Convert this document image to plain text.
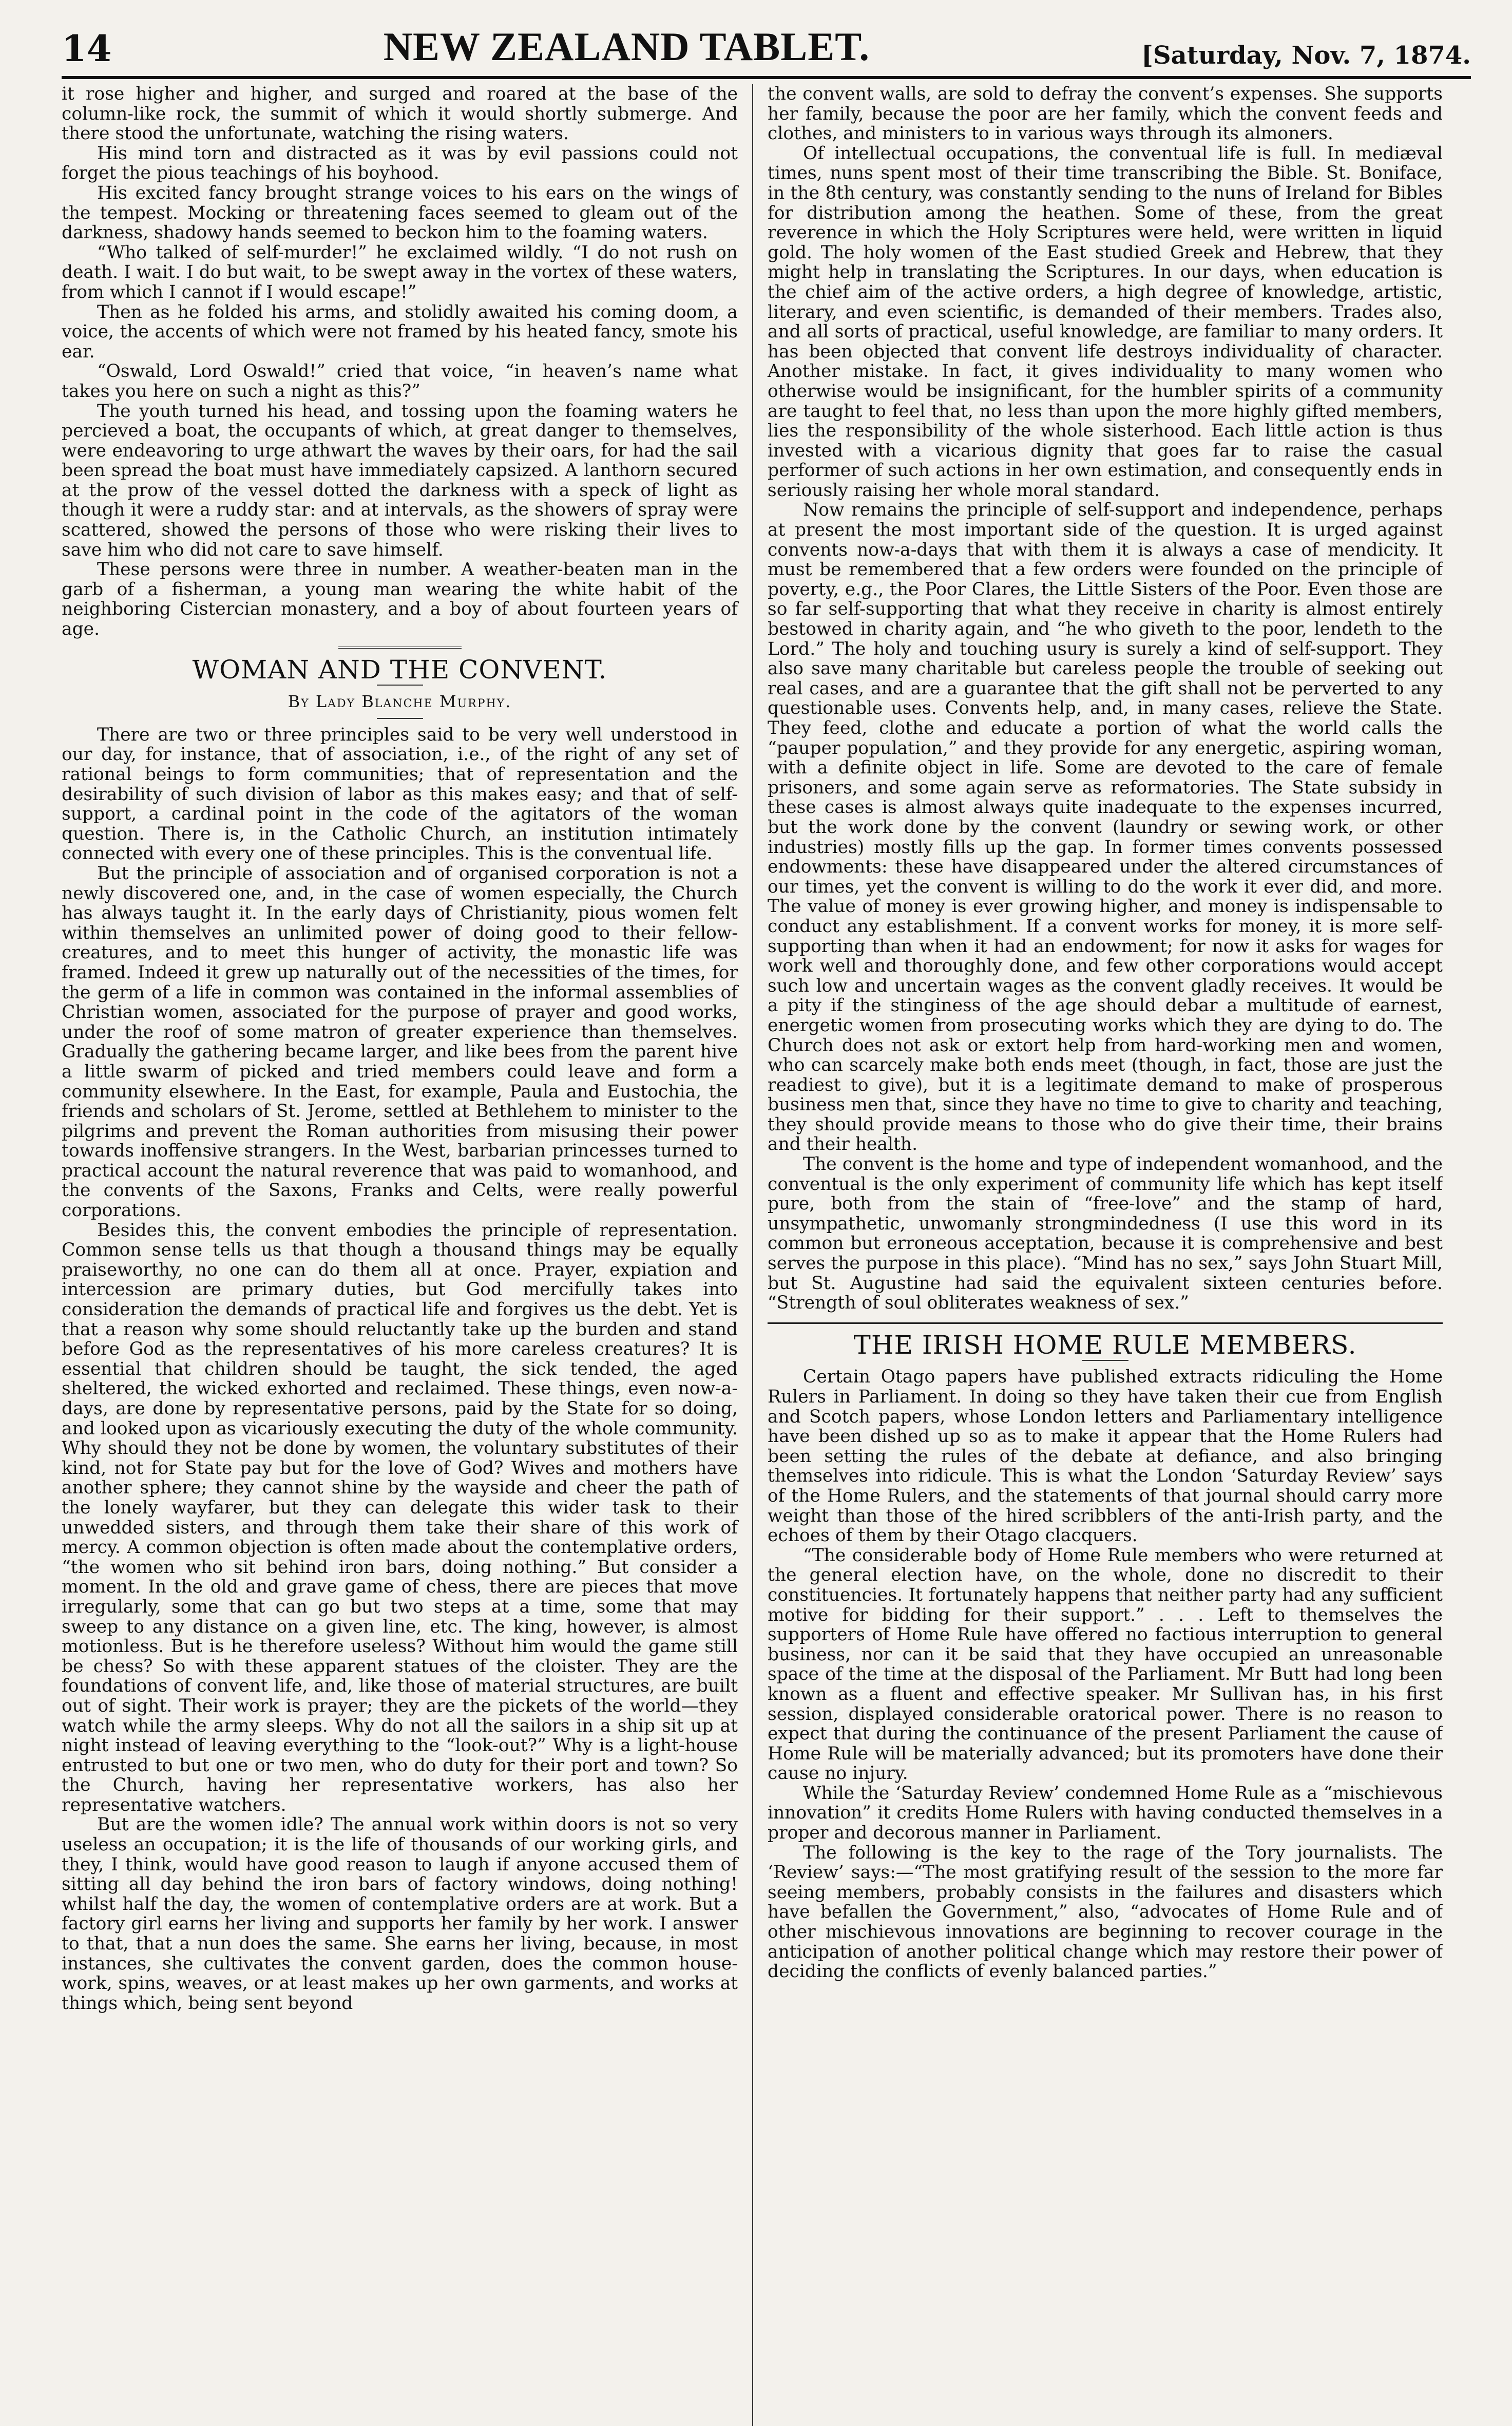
14	NEW ZEALAND TABLET.	[Saturday, Nov. 7, 1874.

it rose higher and higher, and surged and roared at the base of the column-like rock, the summit of which it would shortly submerge. And there stood the unfortunate, watching the rising waters.

His mind torn and distracted as it was by evil passions could not forget the pious teachings of his boyhood.

His excited fancy brought strange voices to his ears on the wings of the tempest. Mocking or threatening faces seemed to gleam out of the darkness, shadowy hands seemed to beckon him to the foaming waters.

“Who talked of self-murder!” he exclaimed wildly. “I do not rush on death. I wait. I do but wait, to be swept away in the vortex of these waters, from which I cannot if I would escape!”

Then as he folded his arms, and stolidly awaited his coming doom, a voice, the accents of which were not framed by his heated fancy, smote his ear.

“Oswald, Lord Oswald!” cried that voice, “in heaven’s name what takes you here on such a night as this?”

The youth turned his head, and tossing upon the foaming waters he percieved a boat, the occupants of which, at great danger to themselves, were endeavoring to urge athwart the waves by their oars, for had the sail been spread the boat must have immediately capsized. A lanthorn secured at the prow of the vessel dotted the darkness with a speck of light as though it were a ruddy star: and at intervals, as the showers of spray were scattered, showed the persons of those who were risking their lives to save him who did not care to save himself.

These persons were three in number. A weather-beaten man in the garb of a fisherman, a young man wearing the white habit of the neighboring Cistercian monastery, and a boy of about fourteen years of age.

WOMAN AND THE CONVENT.
By Lady Blanche Murphy.

There are two or three principles said to be very well understood in our day, for instance, that of association, i.e., of the right of any set of rational beings to form communities; that of representation and the desirability of such division of labor as this makes easy; and that of self-support, a cardinal point in the code of the agitators of the woman question. There is, in the Catholic Church, an institution intimately connected with every one of these principles. This is the conventual life.

But the principle of association and of organised corporation is not a newly discovered one, and, in the case of women especially, the Church has always taught it. In the early days of Christianity, pious women felt within themselves an unlimited power of doing good to their fellow-creatures, and to meet this hunger of activity, the monastic life was framed. Indeed it grew up naturally out of the necessities of the times, for the germ of a life in common was contained in the informal assemblies of Christian women, associated for the purpose of prayer and good works, under the roof of some matron of greater experience than themselves. Gradually the gathering became larger, and like bees from the parent hive a little swarm of picked and tried members could leave and form a community elsewhere. In the East, for example, Paula and Eustochia, the friends and scholars of St. Jerome, settled at Bethlehem to minister to the pilgrims and prevent the Roman authorities from misusing their power towards inoffensive strangers. In the West, barbarian princesses turned to practical account the natural reverence that was paid to womanhood, and the convents of the Saxons, Franks and Celts, were really powerful corporations.

Besides this, the convent embodies the principle of representation. Common sense tells us that though a thousand things may be equally praiseworthy, no one can do them all at once. Prayer, expiation and intercession are primary duties, but God mercifully takes into consideration the demands of practical life and forgives us the debt. Yet is that a reason why some should reluctantly take up the burden and stand before God as the representatives of his more careless creatures? It is essential that children should be taught, the sick tended, the aged sheltered, the wicked exhorted and reclaimed. These things, even now-a-days, are done by representative persons, paid by the State for so doing, and looked upon as vicariously executing the duty of the whole community. Why should they not be done by women, the voluntary substitutes of their kind, not for State pay but for the love of God? Wives and mothers have another sphere; they cannot shine by the wayside and cheer the path of the lonely wayfarer, but they can delegate this wider task to their unwedded sisters, and through them take their share of this work of mercy. A common objection is often made about the contemplative orders, “the women who sit behind iron bars, doing nothing.” But consider a moment. In the old and grave game of chess, there are pieces that move irregularly, some that can go but two steps at a time, some that may sweep to any distance on a given line, etc. The king, however, is almost motionless. But is he therefore useless? Without him would the game still be chess? So with these apparent statues of the cloister. They are the foundations of convent life, and, like those of material structures, are built out of sight. Their work is prayer; they are the pickets of the world—they watch while the army sleeps. Why do not all the sailors in a ship sit up at night instead of leaving everything to the “look-out?” Why is a light-house entrusted to but one or two men, who do duty for their port and town? So the Church, having her representative workers, has also her representative watchers.

But are the women idle? The annual work within doors is not so very useless an occupation; it is the life of thousands of our working girls, and they, I think, would have good reason to laugh if anyone accused them of sitting all day behind the iron bars of factory windows, doing nothing! whilst half the day, the women of contemplative orders are at work. But a factory girl earns her living and supports her family by her work. I answer to that, that a nun does the same. She earns her living, because, in most instances, she cultivates the convent garden, does the common house-work, spins, weaves, or at least makes up her own garments, and works at things which, being sent beyond

the convent walls, are sold to defray the convent’s expenses. She supports her family, because the poor are her family, which the convent feeds and clothes, and ministers to in various ways through its almoners.

Of intellectual occupations, the conventual life is full. In mediæval times, nuns spent most of their time transcribing the Bible. St. Boniface, in the 8th century, was constantly sending to the nuns of Ireland for Bibles for distribution among the heathen. Some of these, from the great reverence in which the Holy Scriptures were held, were written in liquid gold. The holy women of the East studied Greek and Hebrew, that they might help in translating the Scriptures. In our days, when education is the chief aim of the active orders, a high degree of knowledge, artistic, literary, and even scientific, is demanded of their members. Trades also, and all sorts of practical, useful knowledge, are familiar to many orders. It has been objected that convent life destroys individuality of character. Another mistake. In fact, it gives individuality to many women who otherwise would be insignificant, for the humbler spirits of a community are taught to feel that, no less than upon the more highly gifted members, lies the responsibility of the whole sisterhood. Each little action is thus invested with a vicarious dignity that goes far to raise the casual performer of such actions in her own estimation, and consequently ends in seriously raising her whole moral standard.

Now remains the principle of self-support and independence, perhaps at present the most important side of the question. It is urged against convents now-a-days that with them it is always a case of mendicity. It must be remembered that a few orders were founded on the principle of poverty, e.g., the Poor Clares, the Little Sisters of the Poor. Even those are so far self-supporting that what they receive in charity is almost entirely bestowed in charity again, and “he who giveth to the poor, lendeth to the Lord.” The holy and touching usury is surely a kind of self-support. They also save many charitable but careless people the trouble of seeking out real cases, and are a guarantee that the gift shall not be perverted to any questionable uses. Convents help, and, in many cases, relieve the State. They feed, clothe and educate a portion of what the world calls the “pauper population,” and they provide for any energetic, aspiring woman, with a definite object in life. Some are devoted to the care of female prisoners, and some again serve as reformatories. The State subsidy in these cases is almost always quite inadequate to the expenses incurred, but the work done by the convent (laundry or sewing work, or other industries) mostly fills up the gap. In former times convents possessed endowments: these have disappeared under the altered circumstances of our times, yet the convent is willing to do the work it ever did, and more. The value of money is ever growing higher, and money is indispensable to conduct any establishment. If a convent works for money, it is more self-supporting than when it had an endowment; for now it asks for wages for work well and thoroughly done, and few other corporations would accept such low and uncertain wages as the convent gladly receives. It would be a pity if the stinginess of the age should debar a multitude of earnest, energetic women from prosecuting works which they are dying to do. The Church does not ask or extort help from hard-working men and women, who can scarcely make both ends meet (though, in fact, those are just the readiest to give), but it is a legitimate demand to make of prosperous business men that, since they have no time to give to charity and teaching, they should provide means to those who do give their time, their brains and their health.

The convent is the home and type of independent womanhood, and the conventual is the only experiment of community life which has kept itself pure, both from the stain of “free-love” and the stamp of hard, unsympathetic, unwomanly strongmindedness (I use this word in its common but erroneous acceptation, because it is comprehensive and best serves the purpose in this place). “Mind has no sex,” says John Stuart Mill, but St. Augustine had said the equivalent sixteen centuries before. “Strength of soul obliterates weakness of sex.”

THE IRISH HOME RULE MEMBERS.

Certain Otago papers have published extracts ridiculing the Home Rulers in Parliament. In doing so they have taken their cue from English and Scotch papers, whose London letters and Parliamentary intelligence have been dished up so as to make it appear that the Home Rulers had been setting the rules of the debate at defiance, and also bringing themselves into ridicule. This is what the London ‘Saturday Review’ says of the Home Rulers, and the statements of that journal should carry more weight than those of the hired scribblers of the anti-Irish party, and the echoes of them by their Otago clacquers.

“The considerable body of Home Rule members who were returned at the general election have, on the whole, done no discredit to their constituencies. It fortunately happens that neither party had any sufficient motive for bidding for their support.” . . . Left to themselves the supporters of Home Rule have offered no factious interruption to general business, nor can it be said that they have occupied an unreasonable space of the time at the disposal of the Parliament. Mr Butt had long been known as a fluent and effective speaker. Mr Sullivan has, in his first session, displayed considerable oratorical power. There is no reason to expect that during the continuance of the present Parliament the cause of Home Rule will be materially advanced; but its promoters have done their cause no injury.

While the ‘Saturday Review’ condemned Home Rule as a “mischievous innovation” it credits Home Rulers with having conducted themselves in a proper and decorous manner in Parliament.

The following is the key to the rage of the Tory journalists. The ‘Review’ says:—“The most gratifying result of the session to the more far seeing members, probably consists in the failures and disasters which have befallen the Government,” also, “advocates of Home Rule and of other mischievous innovations are beginning to recover courage in the anticipation of another political change which may restore their power of deciding the conflicts of evenly balanced parties.”
